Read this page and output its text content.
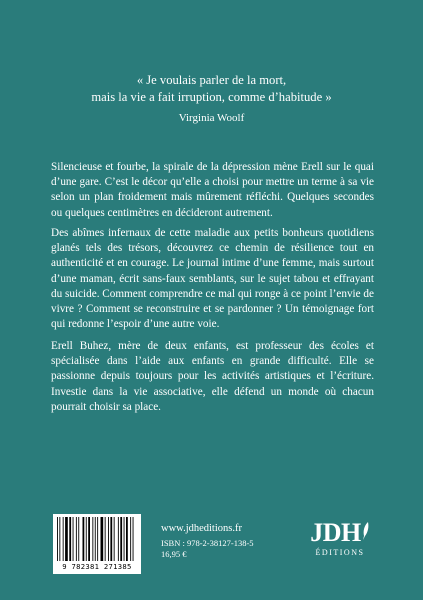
« Je voulais parler de la mort,

mais la vie a fait irruption, comme d’habitude »

Virginia Woolf

Silencieuse et fourbe, la spirale de la dépression mène Erell sur le quai d’une gare. C’est le décor qu’elle a choisi pour mettre un terme à sa vie selon un plan froidement mais mûrement réfléchi. Quelques secondes ou quelques centimètres en décideront autrement.

Des abîmes infernaux de cette maladie aux petits bonheurs quotidiens glanés tels des trésors, découvrez ce chemin de résilience tout en authenticité et en courage. Le journal intime d’une femme, mais surtout d’une maman, écrit sans-faux semblants, sur le sujet tabou et effrayant du suicide. Comment comprendre ce mal qui ronge à ce point l’envie de vivre ? Comment se reconstruire et se pardonner ? Un témoignage fort qui redonne l’espoir d’une autre voie.

Erell Buhez, mère de deux enfants, est professeur des écoles et spécialisée dans l’aide aux enfants en grande difficulté. Elle se passionne depuis toujours pour les activités artistiques et l’écriture. Investie dans la vie associative, elle défend un monde où chacun pourrait choisir sa place.

9 782381 271385
www.jdheditions.fr
ISBN : 978-2-38127-138-5
16,95 €
JDH
ÉDITIONS
